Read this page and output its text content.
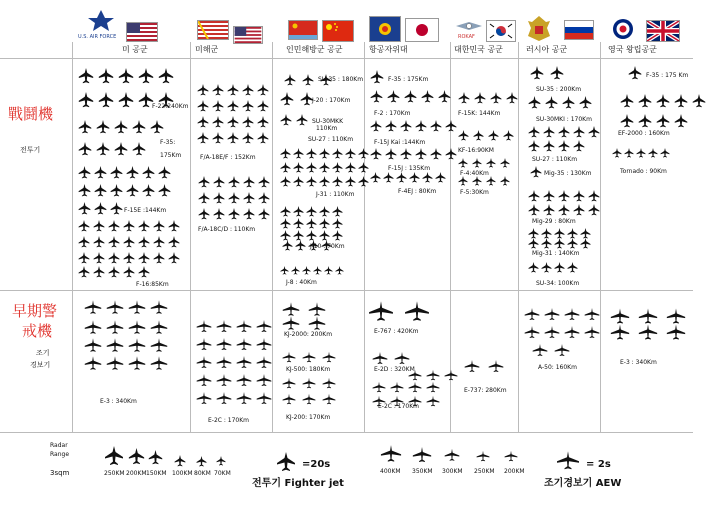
U.S. AIR FORCE
미 공군	미해군	인민해방군 공군	항공자위대
ROKAF
대한민국 공군	러시아 공군	영국 왕립공군
戰鬪機
전투기
早期警
戒機
조기
경보기
F-22:240Km
F-35:
175Km
F-15E :144Km
F-16:85Km
F/A-18E/F : 152Km
F/A-18C/D : 110Km
SU-35 : 180Km
J-20 : 170Km
SU-30MKK
110Km
SU-27 : 110Km
J-31 : 110Km
J-10 : 70Km
J-8 : 40Km
F-35 : 175Km
F-2 : 170Km
F-15J Kai :144Km
F-15J : 135Km
F-4EJ : 80Km
F-15K: 144Km
KF-16:90KM
F-4:40Km
F-5:30Km
SU-35 : 200Km
SU-30MKI : 170Km
SU-27 : 110Km
Mig-35 : 130Km
Mig-29 : 80Km
Mig-31 : 140Km
SU-34: 100Km
F-35 : 175 Km
EF-2000 : 160Km
Tornado : 90Km
E-3 : 340Km
E-2C : 170Km
KJ-2000: 200Km
KJ-500: 180Km
KJ-200: 170Km
E-767 : 420Km
E-2D : 320KM
E-2C : 170Km
E-737: 280Km
A-50: 160Km
E-3 : 340Km
Radar
Range
3sqm	250KM 200KM 150KM 100KM 80KM 70KM
=20s
전투기 Fighter jet
400KM 350KM 300KM 250KM 200KM
= 2s
조기경보기 AEW
